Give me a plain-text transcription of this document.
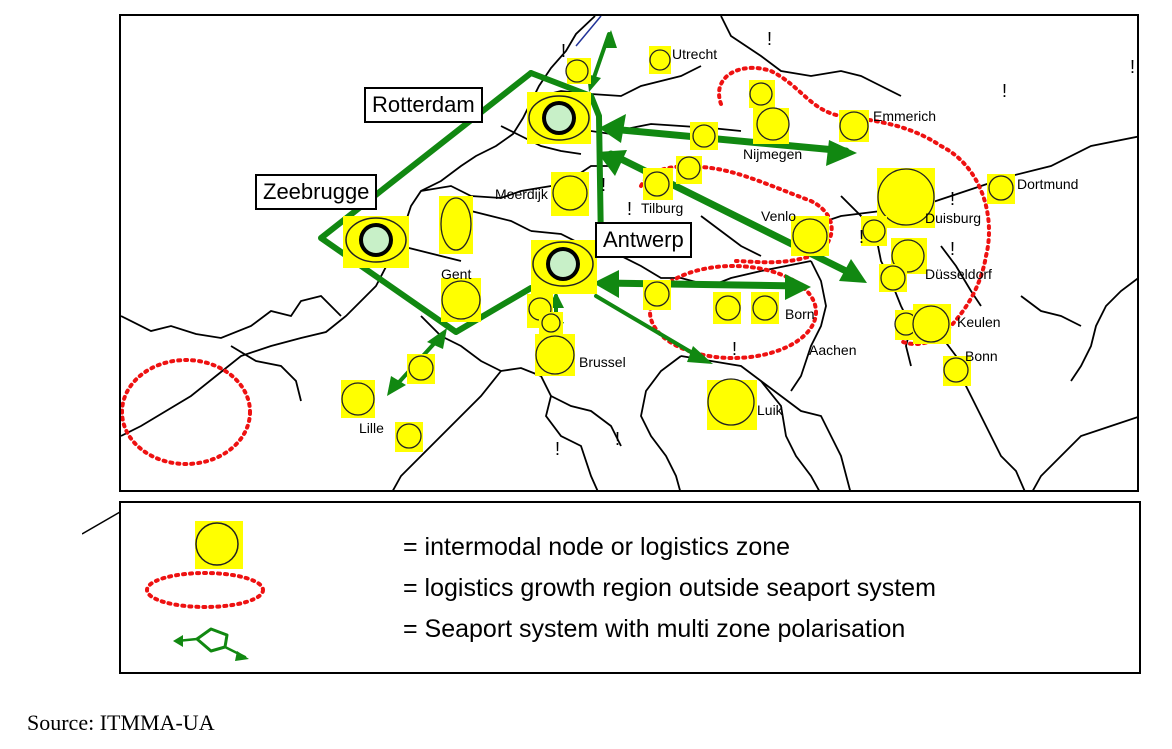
Rotterdam
Zeebrugge
Antwerp
Utrecht
Emmerich
Nijmegen
Moerdijk
Tilburg	Venlo
Dortmund
Duisburg
Düsseldorf
Gent
Brussel
Born
Aachen
Keulen
Bonn
Lille
Luik
!
!
!
!
!
!	!
!
!
!
!	!
= intermodal node or logistics zone
= logistics growth region outside seaport system
= Seaport system with multi zone polarisation
Source: ITMMA-UA
